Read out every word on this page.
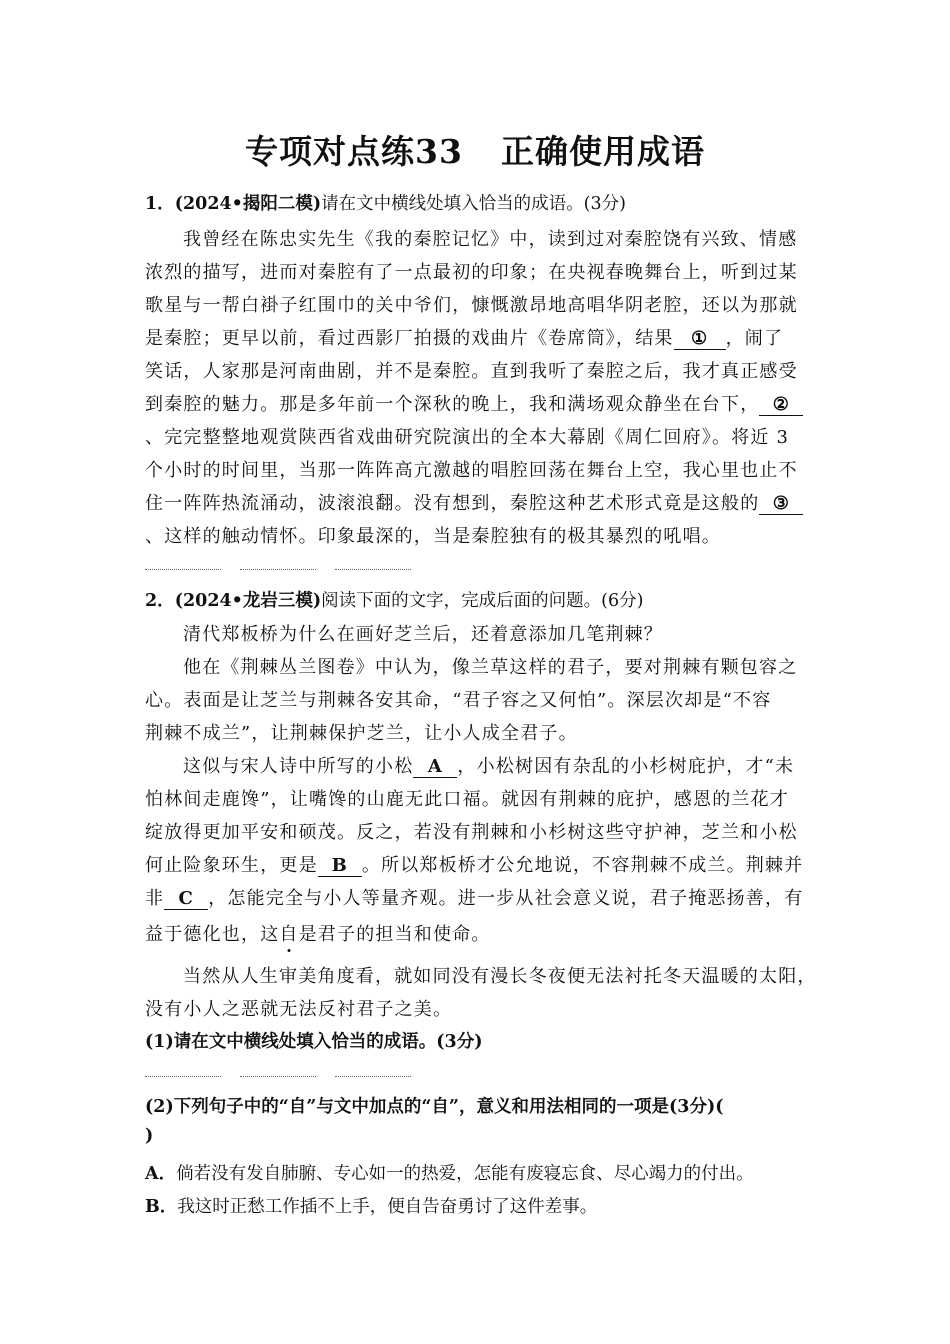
专项对点练33 正确使用成语
1．(2024•揭阳二模)请在文中横线处填入恰当的成语。(3分)
我曾经在陈忠实先生《我的秦腔记忆》中，读到过对秦腔饶有兴致、情感
浓烈的描写，进而对秦腔有了一点最初的印象；在央视春晚舞台上，听到过某
歌星与一帮白褂子红围巾的关中爷们，慷慨激昂地高唱华阴老腔，还以为那就
是秦腔；更早以前，看过西影厂拍摄的戏曲片《卷席筒》，结果 ① ，闹了
笑话，人家那是河南曲剧，并不是秦腔。直到我听了秦腔之后，我才真正感受
到秦腔的魅力。那是多年前一个深秋的晚上，我和满场观众静坐在台下， ②
、完完整整地观赏陕西省戏曲研究院演出的全本大幕剧《周仁回府》。将近 3
个小时的时间里，当那一阵阵高亢激越的唱腔回荡在舞台上空，我心里也止不
住一阵阵热流涌动，波滚浪翻。没有想到，秦腔这种艺术形式竟是这般的 ③
、这样的触动情怀。印象最深的，当是秦腔独有的极其暴烈的吼唱。
2．(2024•龙岩三模)阅读下面的文字，完成后面的问题。(6分)
清代郑板桥为什么在画好芝兰后，还着意添加几笔荆棘？
他在《荆棘丛兰图卷》中认为，像兰草这样的君子，要对荆棘有颗包容之
心。表面是让芝兰与荆棘各安其命，“君子容之又何怕”。深层次却是“不容
荆棘不成兰”，让荆棘保护芝兰，让小人成全君子。
这似与宋人诗中所写的小松 A ，小松树因有杂乱的小杉树庇护，才“未
怕林间走鹿馋”，让嘴馋的山鹿无此口福。就因有荆棘的庇护，感恩的兰花才
绽放得更加平安和硕茂。反之，若没有荆棘和小杉树这些守护神，芝兰和小松
何止险象环生，更是 B 。所以郑板桥才公允地说，不容荆棘不成兰。荆棘并
非 C ，怎能完全与小人等量齐观。进一步从社会意义说，君子掩恶扬善，有
益于德化也，这自是君子的担当和使命。
当然从人生审美角度看，就如同没有漫长冬夜便无法衬托冬天温暖的太阳，
没有小人之恶就无法反衬君子之美。
(1)请在文中横线处填入恰当的成语。(3分)
(2)下列句子中的“自”与文中加点的“自”，意义和用法相同的一项是(3分)(
)
A．倘若没有发自肺腑、专心如一的热爱，怎能有废寝忘食、尽心竭力的付出。
B．我这时正愁工作插不上手，便自告奋勇讨了这件差事。
